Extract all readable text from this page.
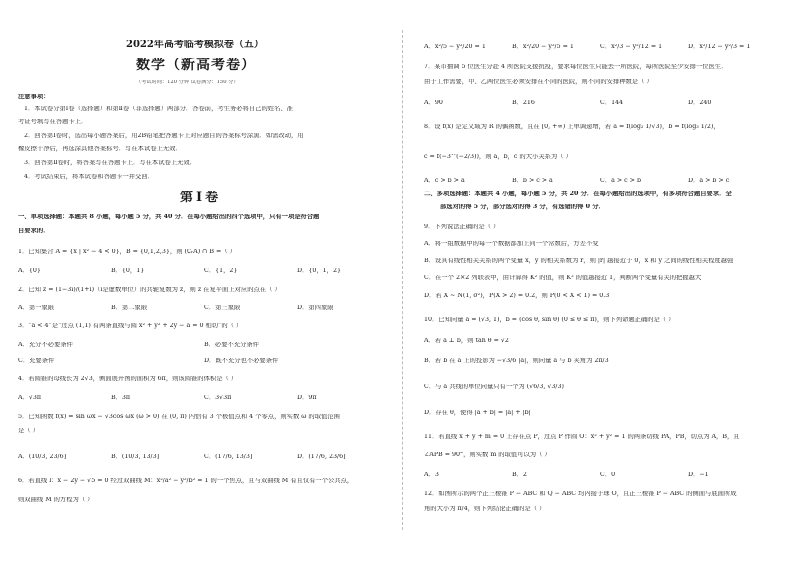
2022年高考临考模拟卷（五）
数学（新高考卷）
（考试时间：120 分钟 试卷满分：150 分）
注意事项：
1．本试卷分第Ⅰ卷（选择题）和第Ⅱ卷（非选择题）两部分．答卷前，考生务必将自己的姓名、准
考证号填写在答题卡上．
2．回答第Ⅰ卷时，选出每小题答案后，用2B铅笔把答题卡上对应题目的答案标号涂黑．如需改动，用
橡皮擦干净后，再选涂其他答案标号．写在本试卷上无效．
3．回答第Ⅱ卷时，将答案写在答题卡上．写在本试卷上无效．
4．考试结束后，将本试卷和答题卡一并交回．
第Ⅰ卷
一、单项选择题：本题共 8 小题，每小题 5 分，共 40 分．在每小题给出的四个选项中，只有一项是符合题
目要求的．
1．已知集合 A = {x | x² − 4 < 0}，B = {0,1,2,3}，则 (∁ᵣA) ∩ B =（ ）
A．{0}	B．{0，1}	C．{1，2}	D．{0，1，2}
2．已知 z = (1−3i)/(1+i)（i是虚数单位）的共轭复数为 z̄，则 z̄ 在复平面上对应的点在（ ）
A．第一象限	B．第二象限	C．第三象限	D．第四象限
3．“a < 4”是“过点 (1,1) 有两条直线与圆 x² + y² + 2y − a = 0 相切”的（ ）
A．充分不必要条件	B．必要不充分条件
C．充要条件	D．既不充分也不必要条件
4．若圆锥的母线长为 2√3，侧面展开图的面积为 6π，则该圆锥的体积是（ ）
A．√3π	B．3π	C．3√3π	D．9π
5．已知函数 f(x) = sin ωx − √3cos ωx (ω > 0) 在 (0, π) 内恰有 3 个极值点和 4 个零点，则实数 ω 的取值范围
是（ ）
A．(10/3, 23/6]	B．(10/3, 13/3]	C．(17/6, 13/3]	D．(17/6, 23/6]
6．若直线 l：x − 2y − √5 = 0 经过双曲线 M：x²/a² − y²/b² = 1 的一个焦点，且与双曲线 M 有且仅有一个公共点，
则双曲线 M 的方程为（ ）
A．x²/5 − y²/20 = 1	B．x²/20 − y²/5 = 1	C．x²/3 − y²/12 = 1	D．x²/12 − y²/3 = 1
7．某市抽调 5 位医生分赴 4 所医院支援抗疫，要求每位医生只能去一所医院，每所医院至少安排一位医生．
由于工作需要，甲、乙两位医生必须安排在不同的医院，则不同的安排种数是（ ）
A．90	B．216	C．144	D．240
8．设 f(x) 是定义域为 R 的偶函数，且在 [0, +∞) 上单调递增，若 a = f(log₂ 1/√3)，b = f(log₃ 1/2)，
c = f(−3^(−2/3))，则 a，b，c 的大小关系为（ ）
A．c > b > a	B．b > c > a	C．a > c > b	D．a > b > c
二、多项选择题：本题共 4 小题，每小题 5 分，共 20 分．在每小题给出的选项中，有多项符合题目要求．全
部选对的得 5 分，部分选对的得 3 分，有选错的得 0 分．
9．下列说法正确的是（ ）
A．将一组数据中的每一个数据都加上同一个常数后，方差不变
B．设具有线性相关关系的两个变量 x，y 的相关系数为 r，则 |r| 越接近于 0，x 和 y 之间的线性相关程度越强
C．在一个 2×2 列联表中，由计算得 K² 的值，则 K² 的值越接近 1，判断两个变量有关的把握越大
D．若 X ~ N(1, σ²)，P(X > 2) = 0.2，则 P(0 < X < 1) = 0.3
10．已知向量 a = (√3, 1)，b = (cos θ, sin θ) (0 ≤ θ ≤ π)，则下列命题正确的是（ ）
A．若 a ⊥ b，则 tan θ = √2
B．若 b 在 a 上的投影为 −√3/6 |a|，则向量 a 与 b 夹角为 2π/3
C．与 a 共线的单位向量只有一个为 (√6/3, √3/3)
D．存在 θ，使得 |a + b| = |a| + |b|
11．若直线 x + y + m = 0 上存在点 P，过点 P 作圆 O：x² + y² = 1 的两条切线 PA，PB，切点为 A，B，且
∠APB = 90°，则实数 m 的取值可以为（ ）
A．3	B．2	C．0	D．−1
12．如图所示的两个正三棱锥 P − ABC 和 Q − ABC 均内接于球 O，且正三棱锥 P − ABC 的侧面与底面所成
角的大小为 π/4，则下列结论正确的是（ ）
